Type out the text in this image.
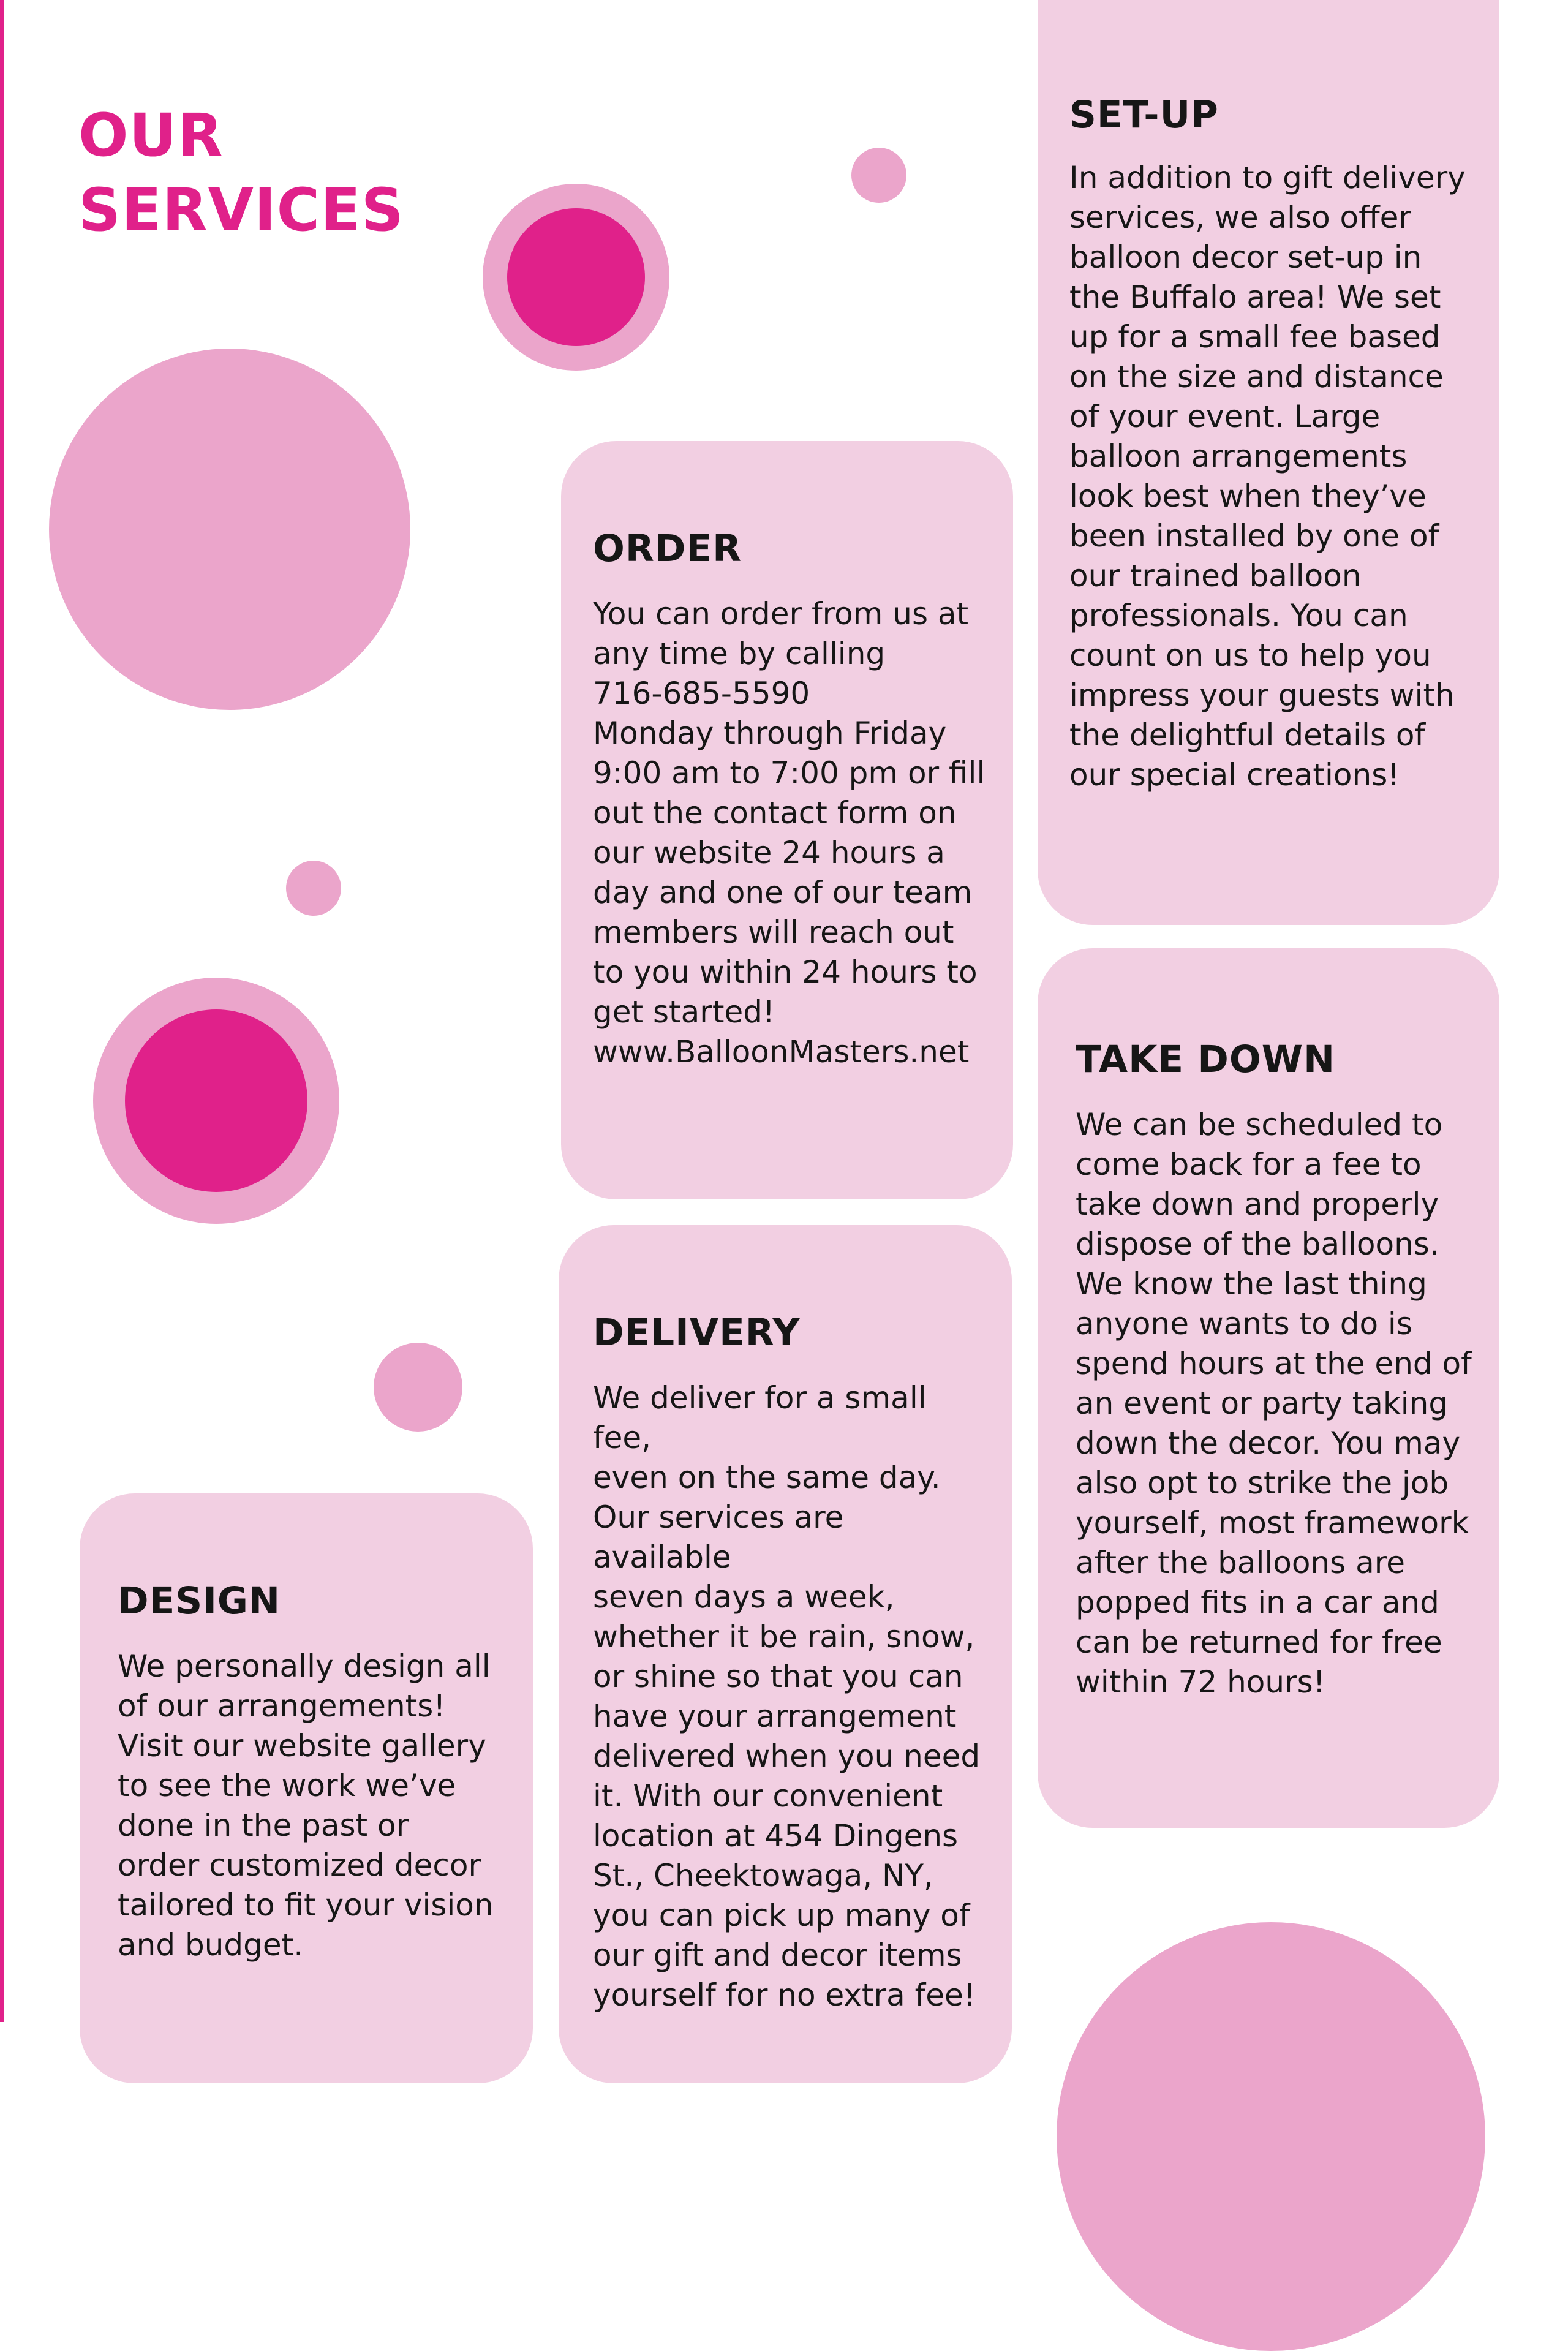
OUR
SERVICES
SET-UP

In addition to gift delivery
services, we also offer
balloon decor set-up in
the Buffalo area! We set
up for a small fee based
on the size and distance
of your event. Large
balloon arrangements
look best when they’ve
been installed by one of
our trained balloon
professionals. You can
count on us to help you
impress your guests with
the delightful details of
our special creations!

ORDER

You can order from us at
any time by calling
716-685-5590
Monday through Friday
9:00 am to 7:00 pm or fill
out the contact form on
our website 24 hours a
day and one of our team
members will reach out
to you within 24 hours to
get started!
www.BalloonMasters.net	TAKE DOWN

We can be scheduled to
come back for a fee to
take down and properly
dispose of the balloons.
We know the last thing
anyone wants to do is
spend hours at the end of
an event or party taking
down the decor. You may
also opt to strike the job
yourself, most framework
after the balloons are
popped fits in a car and
can be returned for free
within 72 hours!

DELIVERY

We deliver for a small fee,
even on the same day.
Our services are available
seven days a week,
whether it be rain, snow,
or shine so that you can
have your arrangement
delivered when you need
it. With our convenient
location at 454 Dingens
St., Cheektowaga, NY,
you can pick up many of
our gift and decor items
yourself for no extra fee!

DESIGN

We personally design all
of our arrangements!
Visit our website gallery
to see the work we’ve
done in the past or
order customized decor
tailored to fit your vision
and budget.
